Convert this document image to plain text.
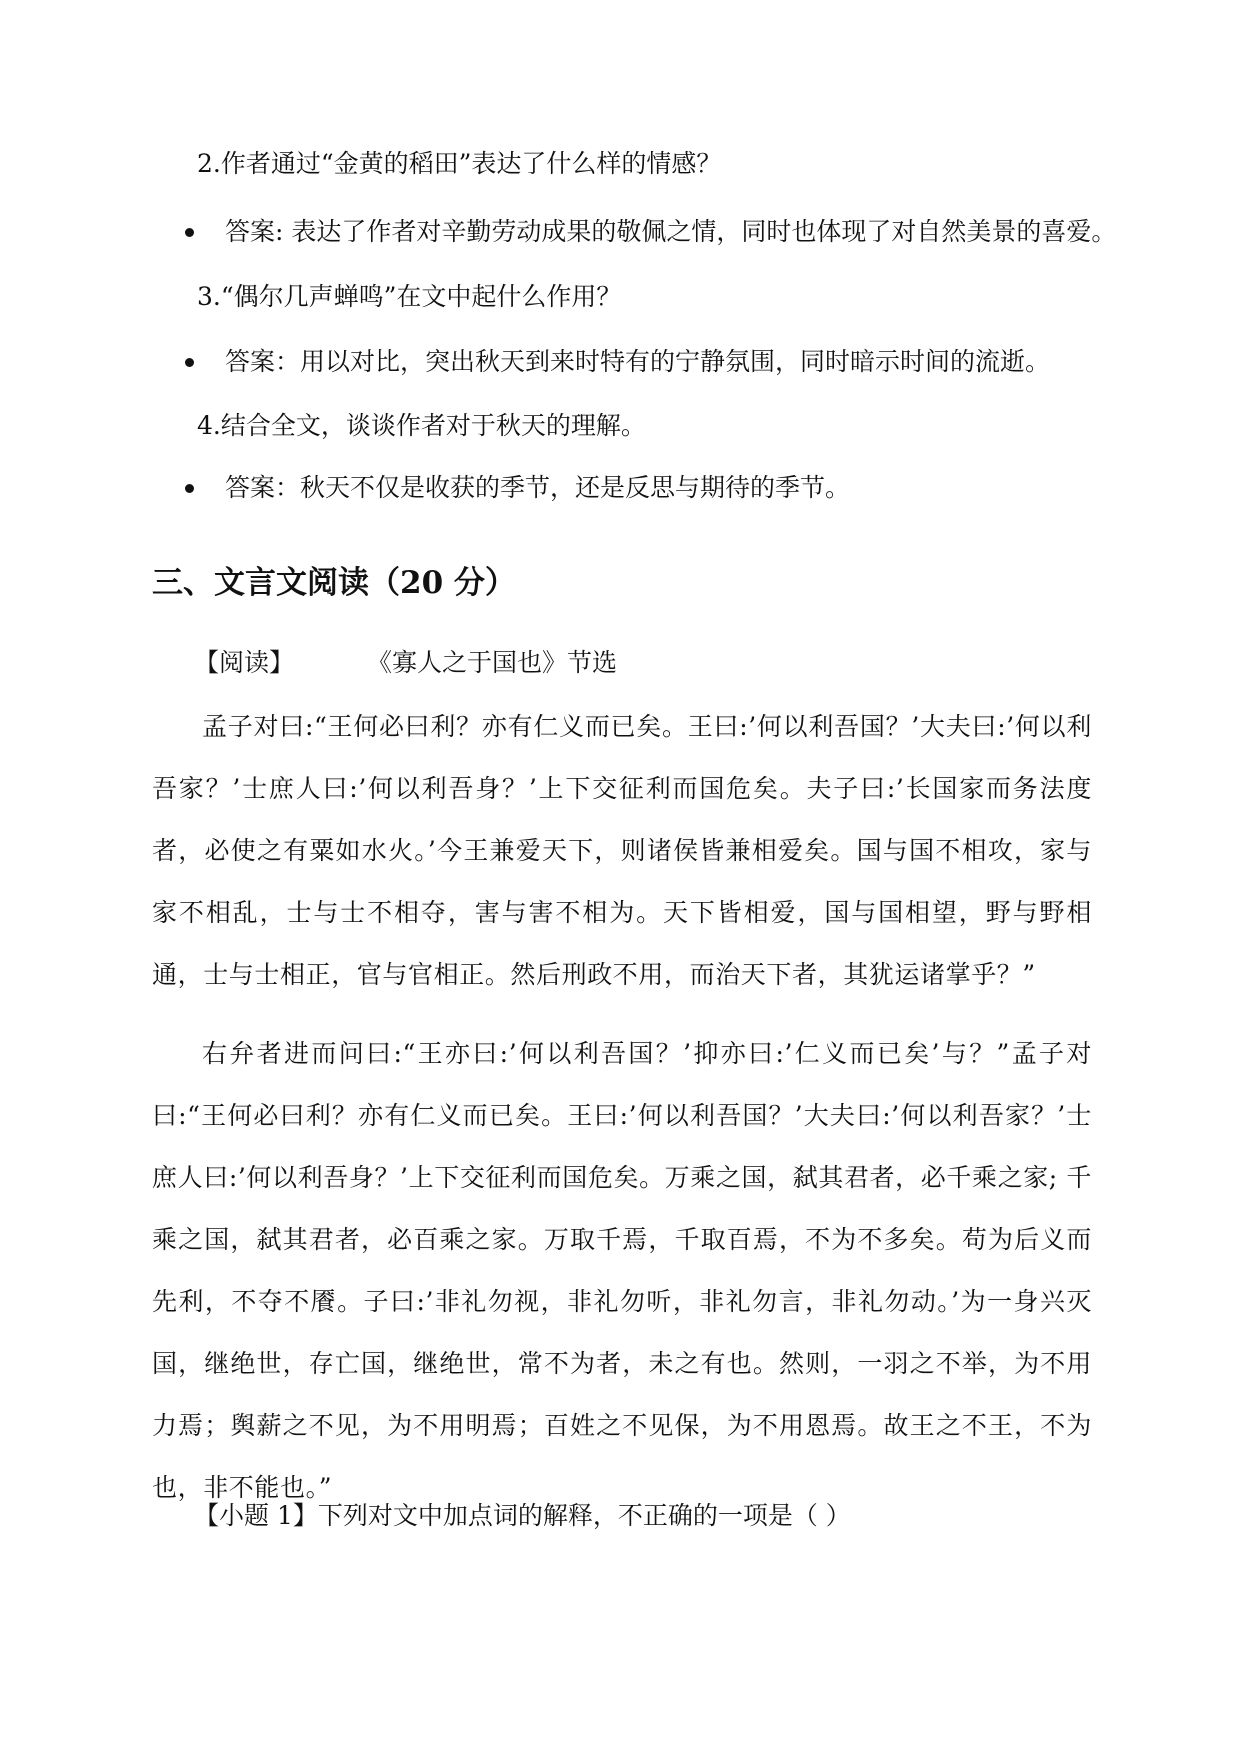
2.作者通过“金黄的稻田”表达了什么样的情感？
答案: 表达了作者对辛勤劳动成果的敬佩之情，同时也体现了对自然美景的喜爱。
3.“偶尔几声蝉鸣”在文中起什么作用？
答案：用以对比，突出秋天到来时特有的宁静氛围，同时暗示时间的流逝。
4.结合全文，谈谈作者对于秋天的理解。
答案：秋天不仅是收获的季节，还是反思与期待的季节。
三、文言文阅读（20 分）
【阅读】	《寡人之于国也》节选
孟子对曰:“王何必曰利？亦有仁义而已矣。王曰:’何以利吾国？’大夫曰:’何以利吾家？’士庶人曰:’何以利吾身？’上下交征利而国危矣。夫子曰:’长国家而务法度者，必使之有粟如水火。’今王兼爱天下，则诸侯皆兼相爱矣。国与国不相攻，家与家不相乱，士与士不相夺，害与害不相为。天下皆相爱，国与国相望，野与野相通，士与士相正，官与官相正。然后刑政不用，而治天下者，其犹运诸掌乎？”
右弁者进而问曰:“王亦曰:’何以利吾国？’抑亦曰:’仁义而已矣’与？”孟子对曰:“王何必曰利？亦有仁义而已矣。王曰:’何以利吾国？’大夫曰:’何以利吾家？’士庶人曰:’何以利吾身？’上下交征利而国危矣。万乘之国，弑其君者，必千乘之家; 千乘之国，弑其君者，必百乘之家。万取千焉，千取百焉，不为不多矣。苟为后义而先利，不夺不餍。子曰:’非礼勿视，非礼勿听，非礼勿言，非礼勿动。’为一身兴灭国，继绝世，存亡国，继绝世，常不为者，未之有也。然则，一羽之不举，为不用力焉；舆薪之不见，为不用明焉；百姓之不见保，为不用恩焉。故王之不王，不为也，非不能也。”
【小题 1】下列对文中加点词的解释，不正确的一项是（ ）
